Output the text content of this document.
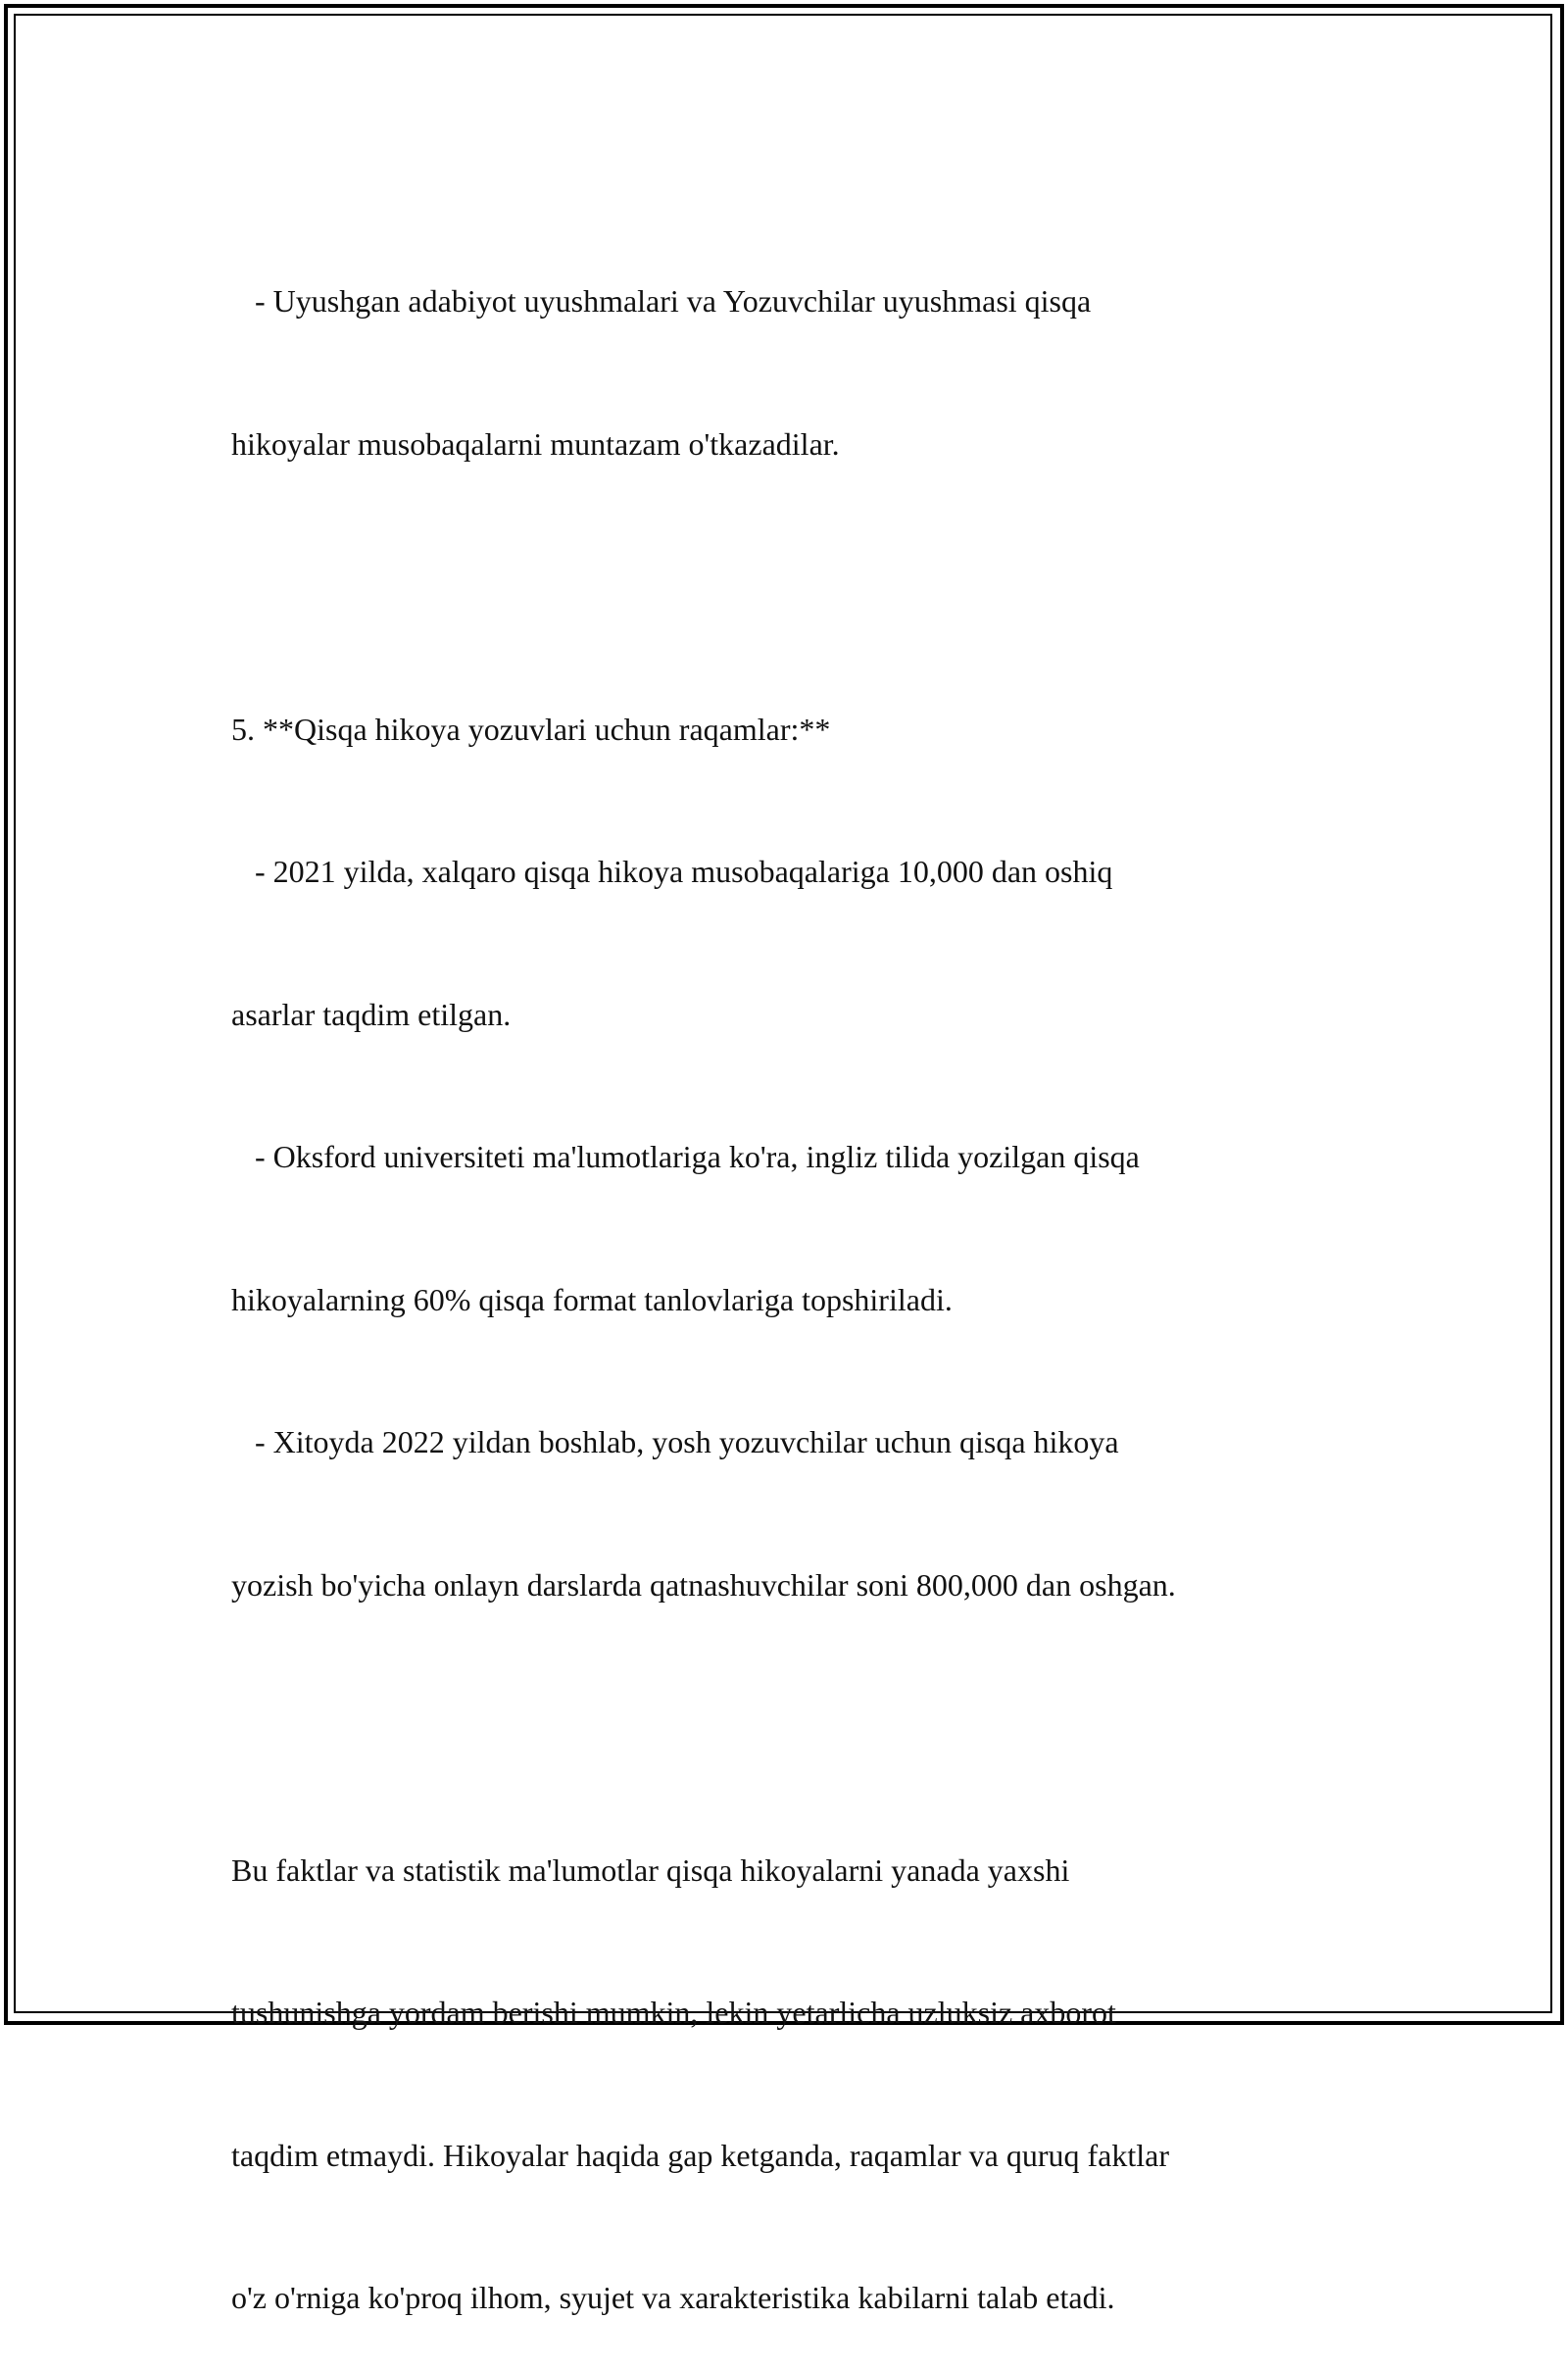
- Uyushgan adabiyot uyushmalari va Yozuvchilar uyushmasi qisqa

hikoyalar musobaqalarni muntazam o'tkazadilar.

5. **Qisqa hikoya yozuvlari uchun raqamlar:**

- 2021 yilda, xalqaro qisqa hikoya musobaqalariga 10,000 dan oshiq

asarlar taqdim etilgan.

- Oksford universiteti ma'lumotlariga ko'ra, ingliz tilida yozilgan qisqa

hikoyalarning 60% qisqa format tanlovlariga topshiriladi.

- Xitoyda 2022 yildan boshlab, yosh yozuvchilar uchun qisqa hikoya

yozish bo'yicha onlayn darslarda qatnashuvchilar soni 800,000 dan oshgan.

Bu faktlar va statistik ma'lumotlar qisqa hikoyalarni yanada yaxshi

tushunishga yordam berishi mumkin, lekin yetarlicha uzluksiz axborot

taqdim etmaydi. Hikoyalar haqida gap ketganda, raqamlar va quruq faktlar

o'z o'rniga ko'proq ilhom, syujet va xarakteristika kabilarni talab etadi.
